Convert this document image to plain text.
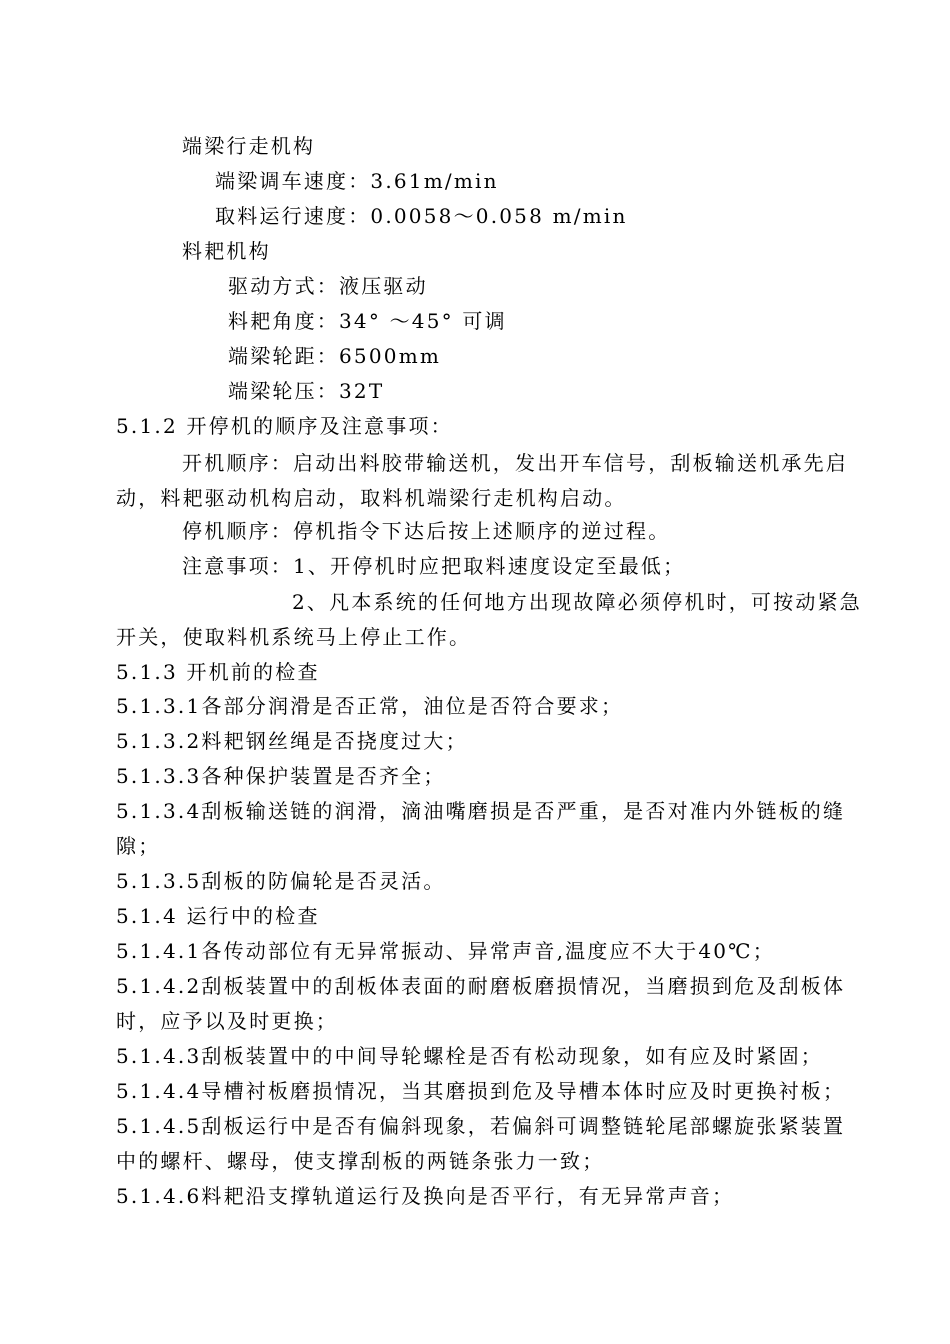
端梁行走机构
端梁调车速度：3.61m/min
取料运行速度：0.0058～0.058 m/min
料耙机构
驱动方式：液压驱动
料耙角度：34° ～45° 可调
端梁轮距：6500mm
端梁轮压：32T
5.1.2 开停机的顺序及注意事项：
开机顺序：启动出料胶带输送机，发出开车信号，刮板输送机承先启
动，料耙驱动机构启动，取料机端梁行走机构启动。
停机顺序：停机指令下达后按上述顺序的逆过程。
注意事项：1、开停机时应把取料速度设定至最低；
2、凡本系统的任何地方出现故障必须停机时，可按动紧急
开关，使取料机系统马上停止工作。
5.1.3 开机前的检查
5.1.3.1各部分润滑是否正常，油位是否符合要求；
5.1.3.2料耙钢丝绳是否挠度过大；
5.1.3.3各种保护装置是否齐全；
5.1.3.4刮板输送链的润滑，滴油嘴磨损是否严重，是否对准内外链板的缝
隙；
5.1.3.5刮板的防偏轮是否灵活。
5.1.4 运行中的检查
5.1.4.1各传动部位有无异常振动、异常声音,温度应不大于40℃；
5.1.4.2刮板装置中的刮板体表面的耐磨板磨损情况，当磨损到危及刮板体
时，应予以及时更换；
5.1.4.3刮板装置中的中间导轮螺栓是否有松动现象，如有应及时紧固；
5.1.4.4导槽衬板磨损情况，当其磨损到危及导槽本体时应及时更换衬板；
5.1.4.5刮板运行中是否有偏斜现象，若偏斜可调整链轮尾部螺旋张紧装置
中的螺杆、螺母，使支撑刮板的两链条张力一致；
5.1.4.6料耙沿支撑轨道运行及换向是否平行，有无异常声音；
